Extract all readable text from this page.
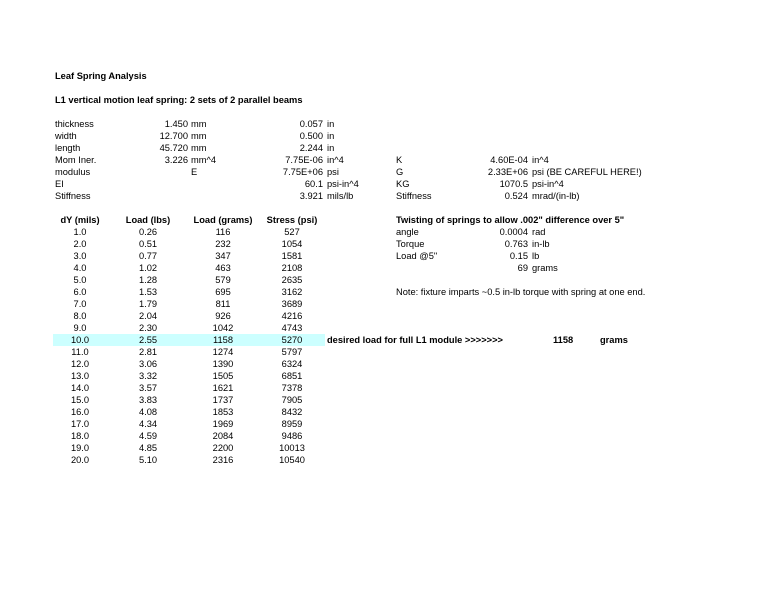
Leaf Spring Analysis
L1 vertical motion leaf spring: 2 sets of 2 parallel beams
thickness	1.450 mm	0.057 in
width	12.700 mm	0.500 in
length	45.720 mm	2.244 in
Mom Iner.	3.226 mm^4	7.75E-06 in^4
modulus	E	7.75E+06 psi
EI	60.1 psi-in^4
Stiffness	3.921 mils/lb
K	4.60E-04 in^4
G	2.33E+06 psi (BE CAREFUL HERE!)
KG	1070.5 psi-in^4
Stiffness	0.524 mrad/(in-lb)
Twisting of springs to allow .002" difference over 5"
angle	0.0004 rad
Torque	0.763 in-lb
Load @5"	0.15 lb
69 grams
Note: fixture imparts ~0.5 in-lb torque with spring at one end.
dY (mils)	Load (lbs)	Load (grams)	Stress (psi)
1.0	0.26	116	527
2.0	0.51	232	1054
3.0	0.77	347	1581
4.0	1.02	463	2108
5.0	1.28	579	2635
6.0	1.53	695	3162
7.0	1.79	811	3689
8.0	2.04	926	4216
9.0	2.30	1042	4743
10.0	2.55	1158	5270
11.0	2.81	1274	5797
12.0	3.06	1390	6324
13.0	3.32	1505	6851
14.0	3.57	1621	7378
15.0	3.83	1737	7905
16.0	4.08	1853	8432
17.0	4.34	1969	8959
18.0	4.59	2084	9486
19.0	4.85	2200	10013
20.0	5.10	2316	10540
desired load for full L1 module >>>>>>>	1158	grams
